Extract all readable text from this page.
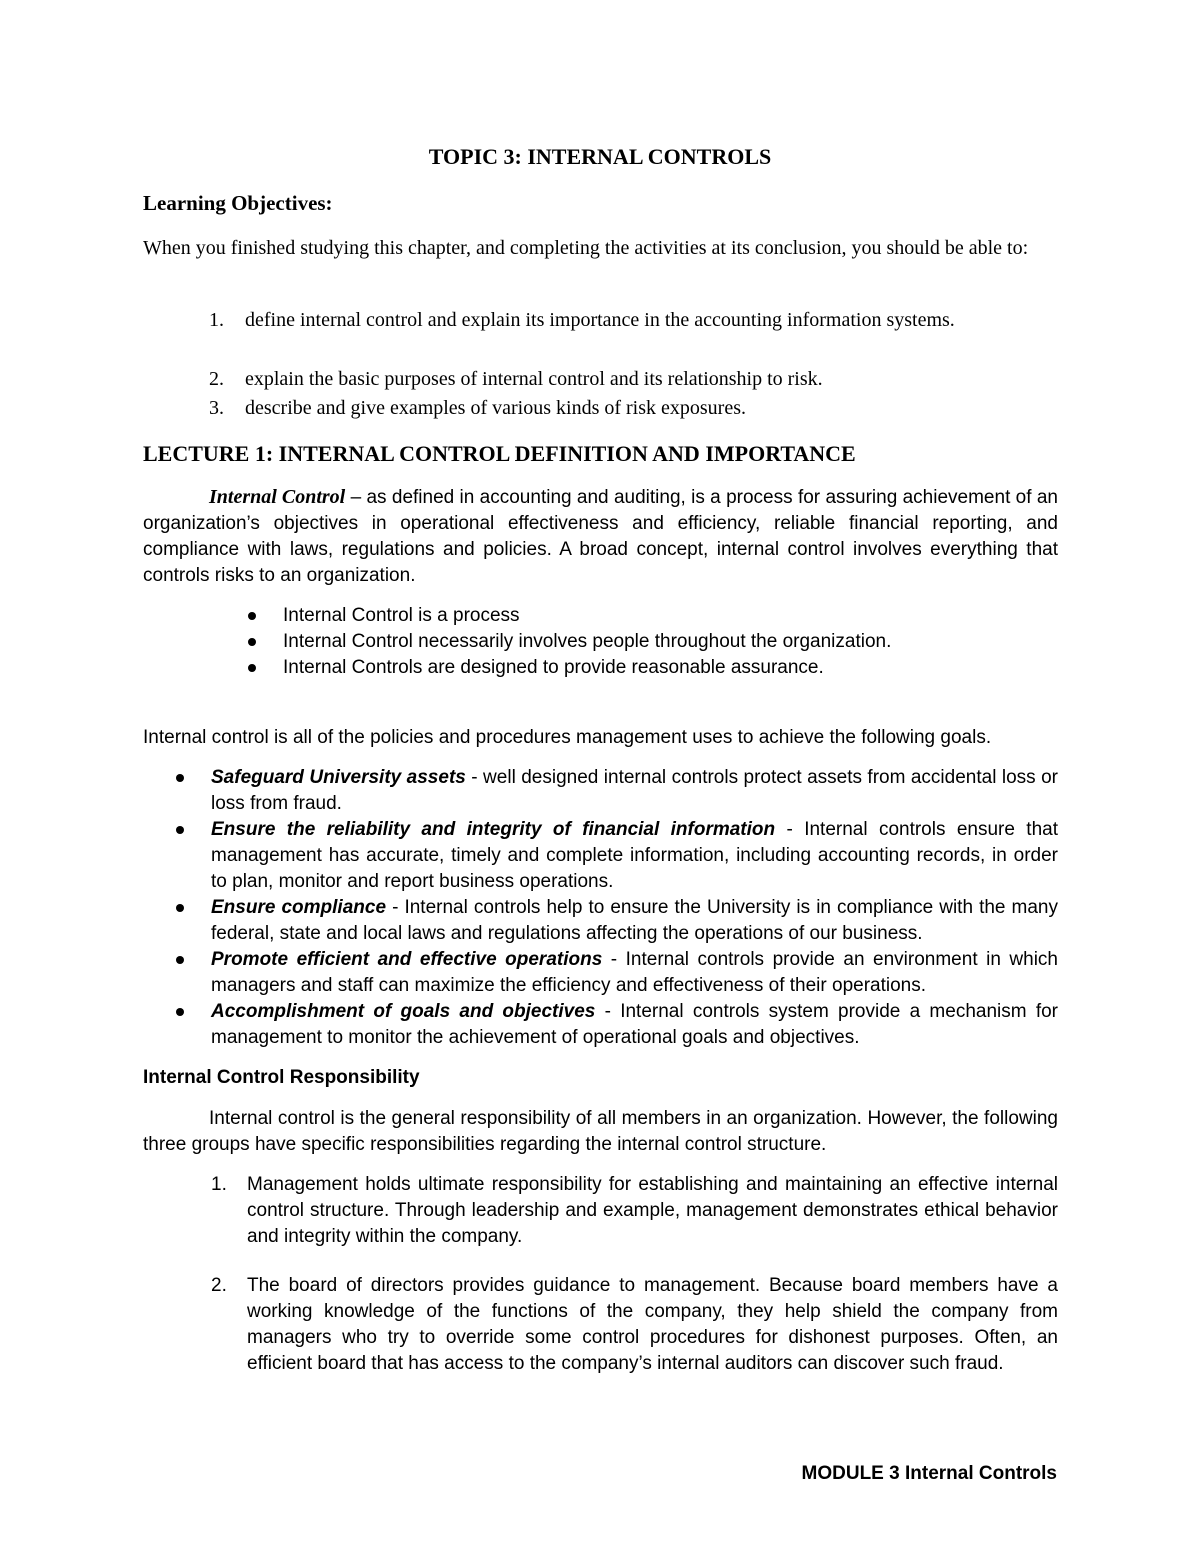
TOPIC 3: INTERNAL CONTROLS
Learning Objectives:
When you finished studying this chapter, and completing the activities at its conclusion, you should be able to:
1.	define internal control and explain its importance in the accounting information systems.
2.	explain the basic purposes of internal control and its relationship to risk.
3.	describe and give examples of various kinds of risk exposures.
LECTURE 1: INTERNAL CONTROL DEFINITION AND IMPORTANCE
Internal Control – as defined in accounting and auditing, is a process for assuring achievement of an organization’s objectives in operational effectiveness and efficiency, reliable financial reporting, and compliance with laws, regulations and policies. A broad concept, internal control involves everything that controls risks to an organization.
Internal Control is a process
Internal Control necessarily involves people throughout the organization.
Internal Controls are designed to provide reasonable assurance.
Internal control is all of the policies and procedures management uses to achieve the following goals.
Safeguard University assets - well designed internal controls protect assets from accidental loss or loss from fraud.
Ensure the reliability and integrity of financial information - Internal controls ensure that management has accurate, timely and complete information, including accounting records, in order to plan, monitor and report business operations.
Ensure compliance - Internal controls help to ensure the University is in compliance with the many federal, state and local laws and regulations affecting the operations of our business.
Promote efficient and effective operations - Internal controls provide an environment in which managers and staff can maximize the efficiency and effectiveness of their operations.
Accomplishment of goals and objectives - Internal controls system provide a mechanism for management to monitor the achievement of operational goals and objectives.
Internal Control Responsibility
Internal control is the general responsibility of all members in an organization. However, the following three groups have specific responsibilities regarding the internal control structure.
1. Management holds ultimate responsibility for establishing and maintaining an effective internal control structure. Through leadership and example, management demonstrates ethical behavior and integrity within the company.
2. The board of directors provides guidance to management. Because board members have a working knowledge of the functions of the company, they help shield the company from managers who try to override some control procedures for dishonest purposes. Often, an efficient board that has access to the company’s internal auditors can discover such fraud.
MODULE 3 Internal Controls
